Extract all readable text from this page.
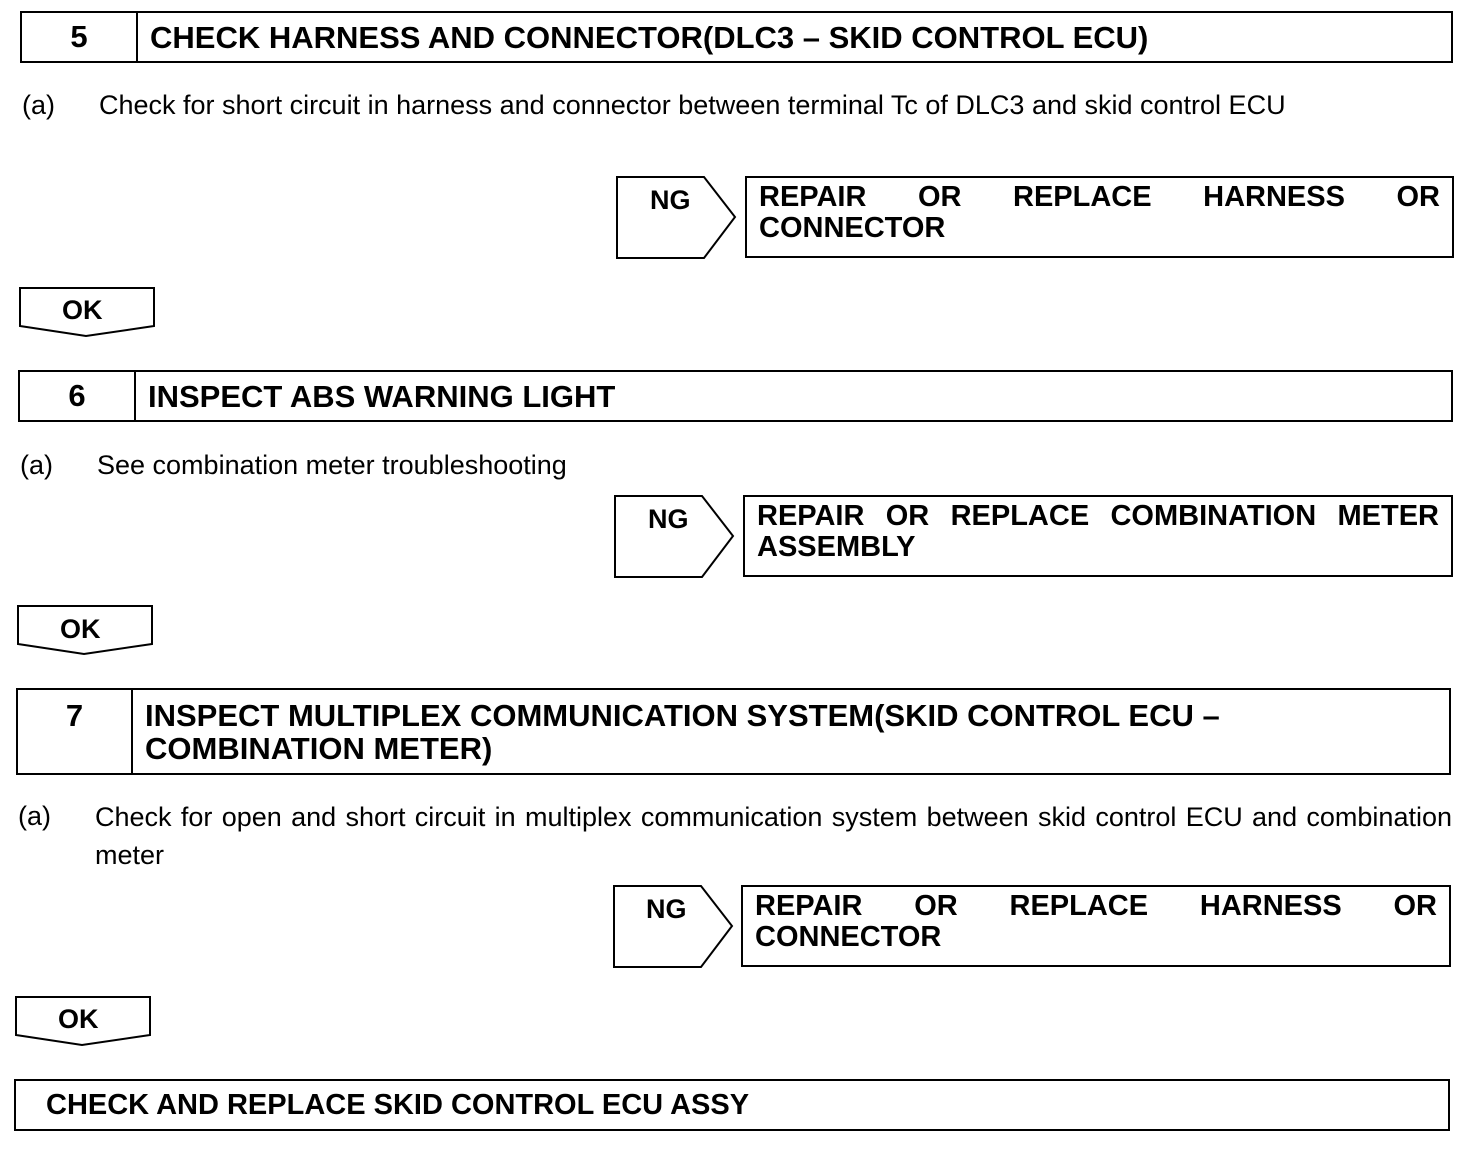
5	CHECK HARNESS AND CONNECTOR(DLC3 – SKID CONTROL ECU)
(a) Check for short circuit in harness and connector between terminal Tc of DLC3 and skid control ECU
NG	REPAIR OR REPLACE HARNESS OR CONNECTOR
OK
6	INSPECT ABS WARNING LIGHT
(a) See combination meter troubleshooting
NG	REPAIR OR REPLACE COMBINATION METER ASSEMBLY
OK
7	INSPECT MULTIPLEX COMMUNICATION SYSTEM(SKID CONTROL ECU – COMBINATION METER)
(a) Check for open and short circuit in multiplex communication system between skid control ECU and combination meter
NG	REPAIR OR REPLACE HARNESS OR CONNECTOR
OK
CHECK AND REPLACE SKID CONTROL ECU ASSY
